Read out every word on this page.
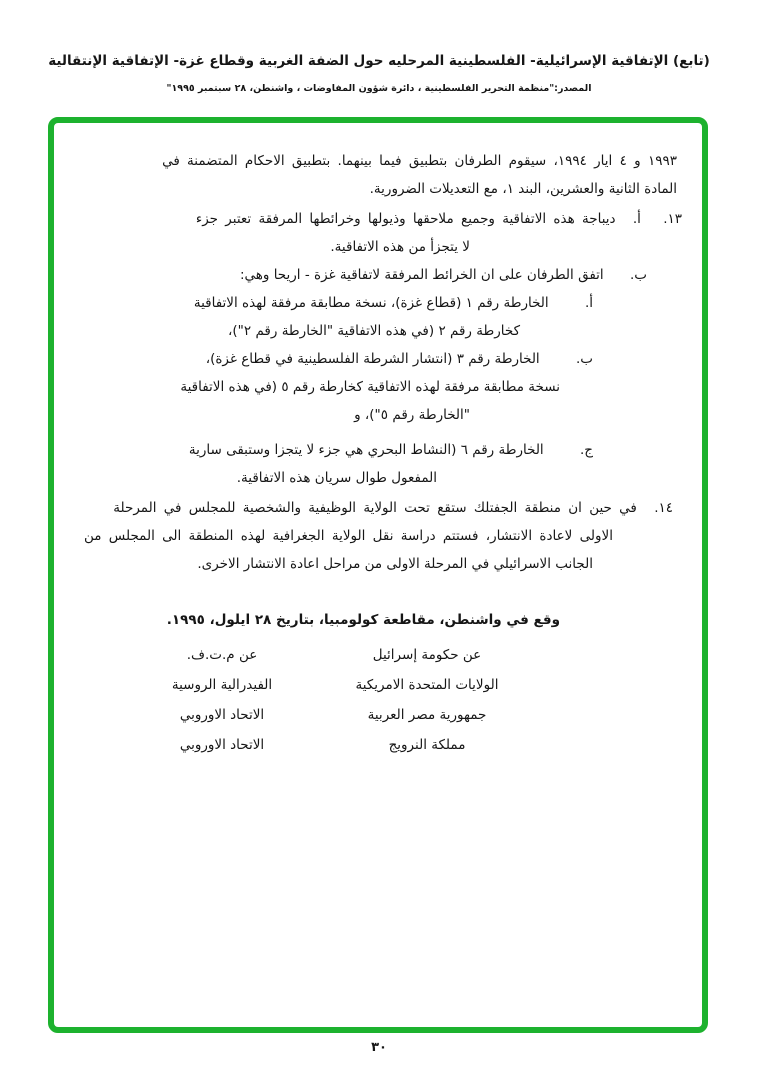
(تابع) الإتفاقية الإسرائيلية- الفلسطينية المرحليه حول الضفة الغربية وقطاع غزة- الإتفاقية الإنتقالية
المصدر:"منظمة التحرير الفلسطينية ، دائرة شؤون المفاوضات ، واشنطن، ٢٨ سبتمبر ١٩٩٥"
١٩٩٣ و ٤ ايار ١٩٩٤، سيقوم الطرفان بتطبيق فيما بينهما. بتطبيق الاحكام المتضمنة في
المادة الثانية والعشرين، البند ١، مع التعديلات الضرورية.
١٣. أ. ديباجة هذه الاتفاقية وجميع ملاحقها وذيولها وخرائطها المرفقة تعتبر جزء
لا يتجزأ من هذه الاتفاقية.
ب. اتفق الطرفان على ان الخرائط المرفقة لاتفاقية غزة - اريحا وهي:
أ. الخارطة رقم ١ (قطاع غزة)، نسخة مطابقة مرفقة لهذه الاتفاقية
كخارطة رقم ٢ (في هذه الاتفاقية "الخارطة رقم ٢")،
ب. الخارطة رقم ٣ (انتشار الشرطة الفلسطينية في قطاع غزة)،
نسخة مطابقة مرفقة لهذه الاتفاقية كخارطة رقم ٥ (في هذه الاتفاقية
"الخارطة رقم ٥")، و
ج. الخارطة رقم ٦ (النشاط البحري هي جزء لا يتجزا وستبقى سارية
المفعول طوال سريان هذه الاتفاقية.
١٤. في حين ان منطقة الجفتلك ستقع تحت الولاية الوظيفية والشخصية للمجلس في المرحلة
الاولى لاعادة الانتشار، فستتم دراسة نقل الولاية الجغرافية لهذه المنطقة الى المجلس من
الجانب الاسرائيلي في المرحلة الاولى من مراحل اعادة الانتشار الاخرى.
وقع في واشنطن، مقاطعة كولومبيا، بتاريخ ٢٨ ايلول، ١٩٩٥.
عن حكومة إسرائيل
الولايات المتحدة الامريكية
جمهورية مصر العربية
مملكة النرويج
عن م.ت.ف.
الفيدرالية الروسية
الاتحاد الاوروبي
الاتحاد الاوروبي
٣٠
